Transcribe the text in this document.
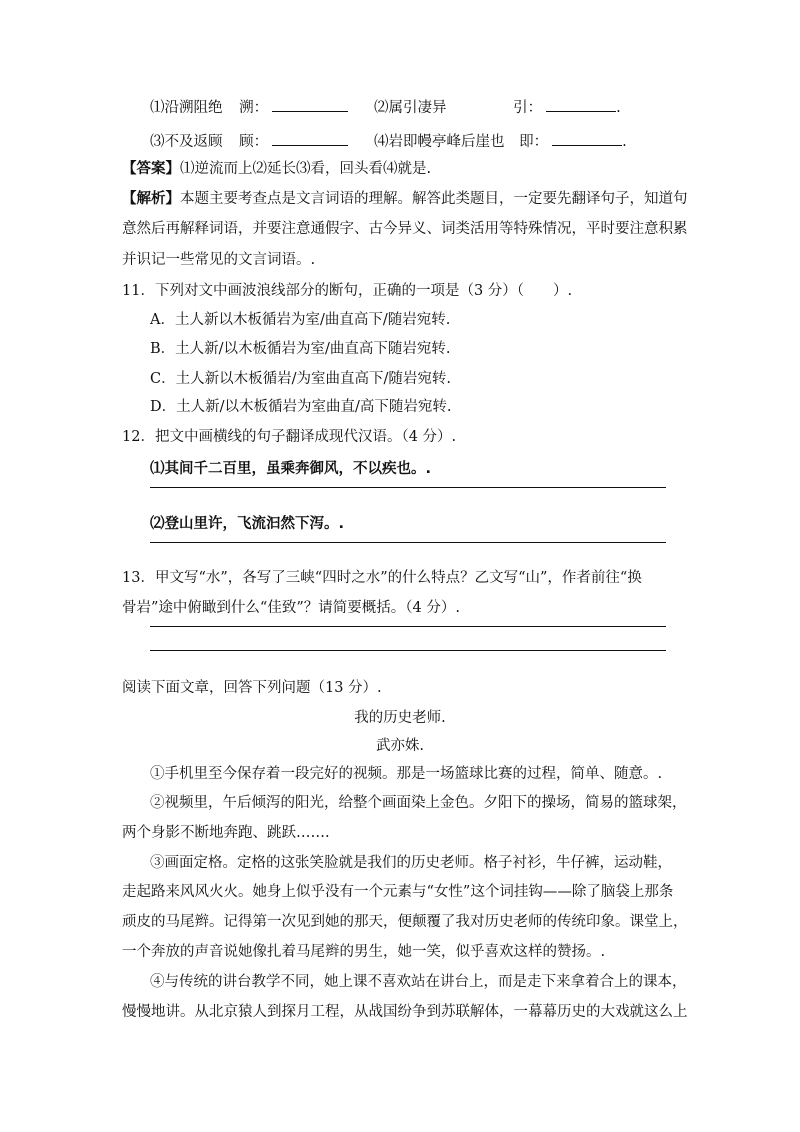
⑴沿溯阻绝 溯：	⑵属引凄异	引：	.
⑶不及返顾 顾：	⑷岩即幔亭峰后崖也 即：	.
【答案】⑴逆流而上⑵延长⑶看，回头看⑷就是.
【解析】本题主要考查点是文言词语的理解。解答此类题目，一定要先翻译句子，知道句
意然后再解释词语，并要注意通假字、古今异义、词类活用等特殊情况，平时要注意积累
并识记一些常见的文言词语。.
11．下列对文中画波浪线部分的断句，正确的一项是（3 分）（　　）.
A．土人新以木板循岩为室/曲直高下/随岩宛转.
B．土人新/以木板循岩为室/曲直高下随岩宛转.
C．土人新以木板循岩/为室曲直高下/随岩宛转.
D．土人新/以木板循岩为室曲直/高下随岩宛转.
12．把文中画横线的句子翻译成现代汉语。（4 分）.
⑴其间千二百里，虽乘奔御风，不以疾也。.
⑵登山里许，飞流汩然下泻。.
13．甲文写“水”，各写了三峡“四时之水”的什么特点？乙文写“山”，作者前往“换
骨岩”途中俯瞰到什么“佳致”？请简要概括。（4 分）.
阅读下面文章，回答下列问题（13 分）.
我的历史老师.
武亦姝.
①手机里至今保存着一段完好的视频。那是一场篮球比赛的过程，简单、随意。.
②视频里，午后倾泻的阳光，给整个画面染上金色。夕阳下的操场，简易的篮球架，
两个身影不断地奔跑、跳跃…….
③画面定格。定格的这张笑脸就是我们的历史老师。格子衬衫，牛仔裤，运动鞋，
走起路来风风火火。她身上似乎没有一个元素与“女性”这个词挂钩——除了脑袋上那条
顽皮的马尾辫。记得第一次见到她的那天，便颠覆了我对历史老师的传统印象。课堂上，
一个奔放的声音说她像扎着马尾辫的男生，她一笑，似乎喜欢这样的赞扬。.
④与传统的讲台教学不同，她上课不喜欢站在讲台上，而是走下来拿着合上的课本，
慢慢地讲。从北京猿人到探月工程，从战国纷争到苏联解体，一幕幕历史的大戏就这么上
